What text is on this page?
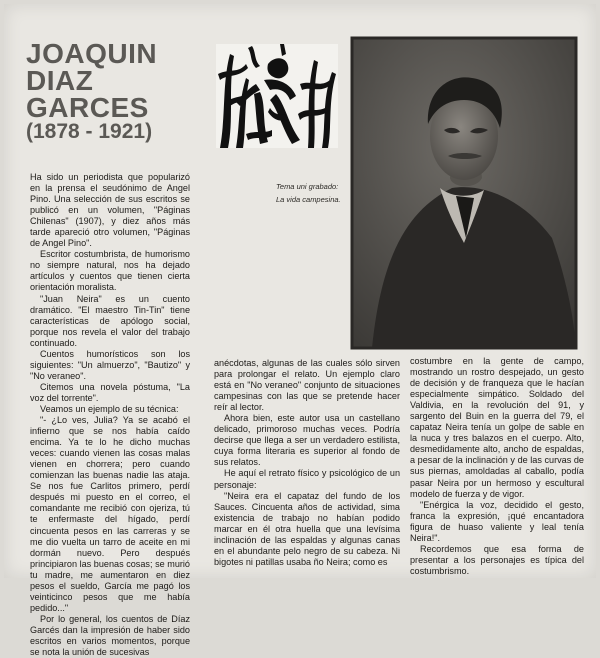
JOAQUIN
DIAZ
GARCES
(1878 - 1921)
Tema uni grabado:
La vida campesina.

Ha sido un periodista que popularizó en la prensa el seudónimo de Angel Pino. Una selección de sus escritos se publicó en un volumen, "Páginas Chilenas" (1907), y diez años más tarde apareció otro volumen, "Páginas de Angel Pino".

Escritor costumbrista, de humorismo no siempre natural, nos ha dejado artículos y cuentos que tienen cierta orientación moralista.

"Juan Neira" es un cuento dramático. "El maestro Tin-Tin" tiene características de apólogo social, porque nos revela el valor del trabajo continuado.

Cuentos humorísticos son los siguientes: "Un almuerzo", "Bautizo" y "No veraneo".

Citemos una novela póstuma, "La voz del torrente".

Veamos un ejemplo de su técnica:

"- ¿Lo ves, Julia? Ya se acabó el infierno que se nos había caído encima. Ya te lo he dicho muchas veces: cuando vienen las cosas malas vienen en chorrera; pero cuando comienzan las buenas nadie las ataja. Se nos fue Carlitos primero, perdí después mi puesto en el correo, el comandante me recibió con ojeriza, tú te enfermaste del hígado, perdí cincuenta pesos en las carreras y se me dio vuelta un tarro de aceite en mi dormán nuevo. Pero después principiaron las buenas cosas; se murió tu madre, me aumentaron en diez pesos el sueldo, García me pagó los veinticinco pesos que me había pedido..."

Por lo general, los cuentos de Díaz Garcés dan la impresión de haber sido escritos en varios momentos, porque se nota la unión de sucesivas

anécdotas, algunas de las cuales sólo sirven para prolongar el relato. Un ejemplo claro está en "No veraneo" conjunto de situaciones campesinas con las que se pretende hacer reír al lector.

Ahora bien, este autor usa un castellano delicado, primoroso muchas veces. Podría decirse que llega a ser un verdadero estilista, cuya forma literaria es superior al fondo de sus relatos.

He aquí el retrato físico y psicológico de un personaje:

"Neira era el capataz del fundo de los Sauces. Cincuenta años de actividad, sima existencia de trabajo no habían podido marcar en él otra huella que una levísima inclinación de las espaldas y algunas canas en el abundante pelo negro de su cabeza. Ni bigotes ni patillas usaba ño Neira; como es

costumbre en la gente de campo, mostrando un rostro despejado, un gesto de decisión y de franqueza que le hacían especialmente simpático. Soldado del Valdivia, en la revolución del 91, y sargento del Buin en la guerra del 79, el capataz Neira tenía un golpe de sable en la nuca y tres balazos en el cuerpo. Alto, desmedidamente alto, ancho de espaldas, a pesar de la inclinación y de las curvas de sus piernas, amoldadas al caballo, podía pasar Neira por un hermoso y escultural modelo de fuerza y de vigor.

"Enérgica la voz, decidido el gesto, franca la expresión, ¡qué encantadora figura de huaso valiente y leal tenía Neira!".

Recordemos que esa forma de presentar a los personajes es típica del costumbrismo.
